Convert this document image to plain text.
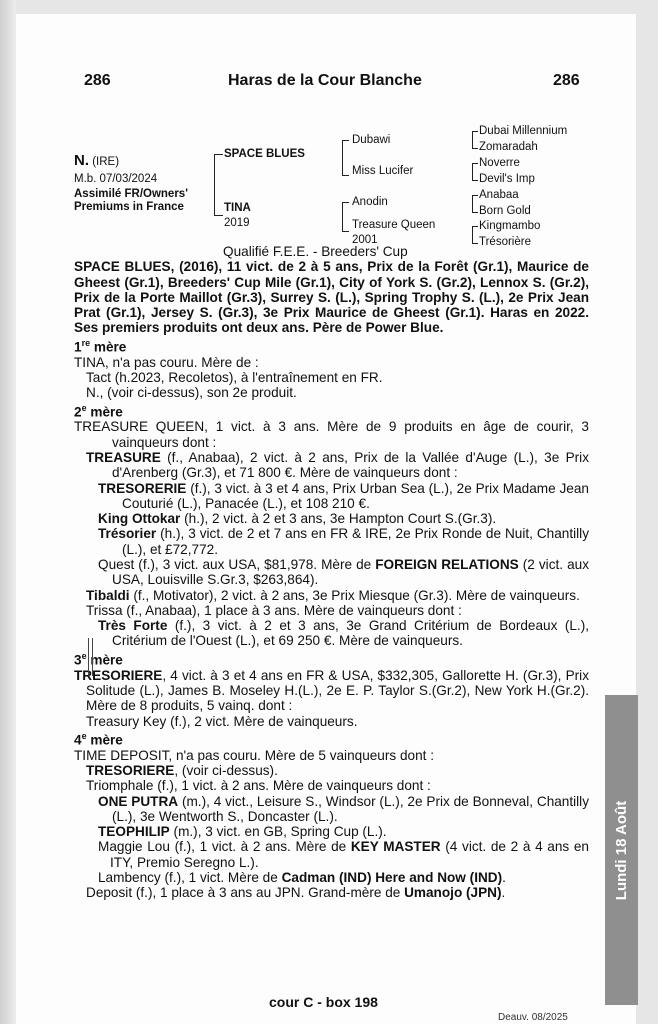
286	Haras de la Cour Blanche	286
N. (IRE)
M.b. 07/03/2024
Assimilé FR/Owners'
Premiums in France
SPACE BLUES
TINA
2019
Dubawi
Miss Lucifer
Anodin
Treasure Queen
2001
Dubai Millennium
Zomaradah
Noverre
Devil's Imp
Anabaa
Born Gold
Kingmambo
Trésorière
Qualifié F.E.E. - Breeders' Cup

SPACE BLUES, (2016), 11 vict. de 2 à 5 ans, Prix de la Forêt (Gr.1), Maurice de Gheest (Gr.1), Breeders' Cup Mile (Gr.1), City of York S. (Gr.2), Lennox S. (Gr.2), Prix de la Porte Maillot (Gr.3), Surrey S. (L.), Spring Trophy S. (L.), 2e Prix Jean Prat (Gr.1), Jersey S. (Gr.3), 3e Prix Maurice de Gheest (Gr.1). Haras en 2022. Ses premiers produits ont deux ans. Père de Power Blue.

1re mère
TINA, n'a pas couru. Mère de :
Tact (h.2023, Recoletos), à l'entraînement en FR.
N., (voir ci-dessus), son 2e produit.
2e mère

TREASURE QUEEN, 1 vict. à 3 ans. Mère de 9 produits en âge de courir, 3 vainqueurs dont :

TREASURE (f., Anabaa), 2 vict. à 2 ans, Prix de la Vallée d'Auge (L.), 3e Prix d'Arenberg (Gr.3), et 71 800 €. Mère de vainqueurs dont :

TRESORERIE (f.), 3 vict. à 3 et 4 ans, Prix Urban Sea (L.), 2e Prix Madame Jean Couturié (L.), Panacée (L.), et 108 210 €.

King Ottokar (h.), 2 vict. à 2 et 3 ans, 3e Hampton Court S.(Gr.3).

Trésorier (h.), 3 vict. de 2 et 7 ans en FR & IRE, 2e Prix Ronde de Nuit, Chantilly (L.), et £72,772.

Quest (f.), 3 vict. aux USA, $81,978. Mère de FOREIGN RELATIONS (2 vict. aux USA, Louisville S.Gr.3, $263,864).

Tibaldi (f., Motivator), 2 vict. à 2 ans, 3e Prix Miesque (Gr.3). Mère de vainqueurs.

Trissa (f., Anabaa), 1 place à 3 ans. Mère de vainqueurs dont :

Très Forte (f.), 3 vict. à 2 et 3 ans, 3e Grand Critérium de Bordeaux (L.), Critérium de l'Ouest (L.), et 69 250 €. Mère de vainqueurs.

3e mère

TRESORIERE, 4 vict. à 3 et 4 ans en FR & USA, $332,305, Gallorette H. (Gr.3), Prix Solitude (L.), James B. Moseley H.(L.), 2e E. P. Taylor S.(Gr.2), New York H.(Gr.2). Mère de 8 produits, 5 vainq. dont :

Treasury Key (f.), 2 vict. Mère de vainqueurs.

4e mère

TIME DEPOSIT, n'a pas couru. Mère de 5 vainqueurs dont :

TRESORIERE, (voir ci-dessus).

Triomphale (f.), 1 vict. à 2 ans. Mère de vainqueurs dont :

ONE PUTRA (m.), 4 vict., Leisure S., Windsor (L.), 2e Prix de Bonneval, Chantilly (L.), 3e Wentworth S., Doncaster (L.).

TEOPHILIP (m.), 3 vict. en GB, Spring Cup (L.).

Maggie Lou (f.), 1 vict. à 2 ans. Mère de KEY MASTER (4 vict. de 2 à 4 ans en ITY, Premio Seregno L.).

Lambency (f.), 1 vict. Mère de Cadman (IND) Here and Now (IND).

Deposit (f.), 1 place à 3 ans au JPN. Grand-mère de Umanojo (JPN).

cour C - box 198
Deauv. 08/2025
Lundi 18 Août
